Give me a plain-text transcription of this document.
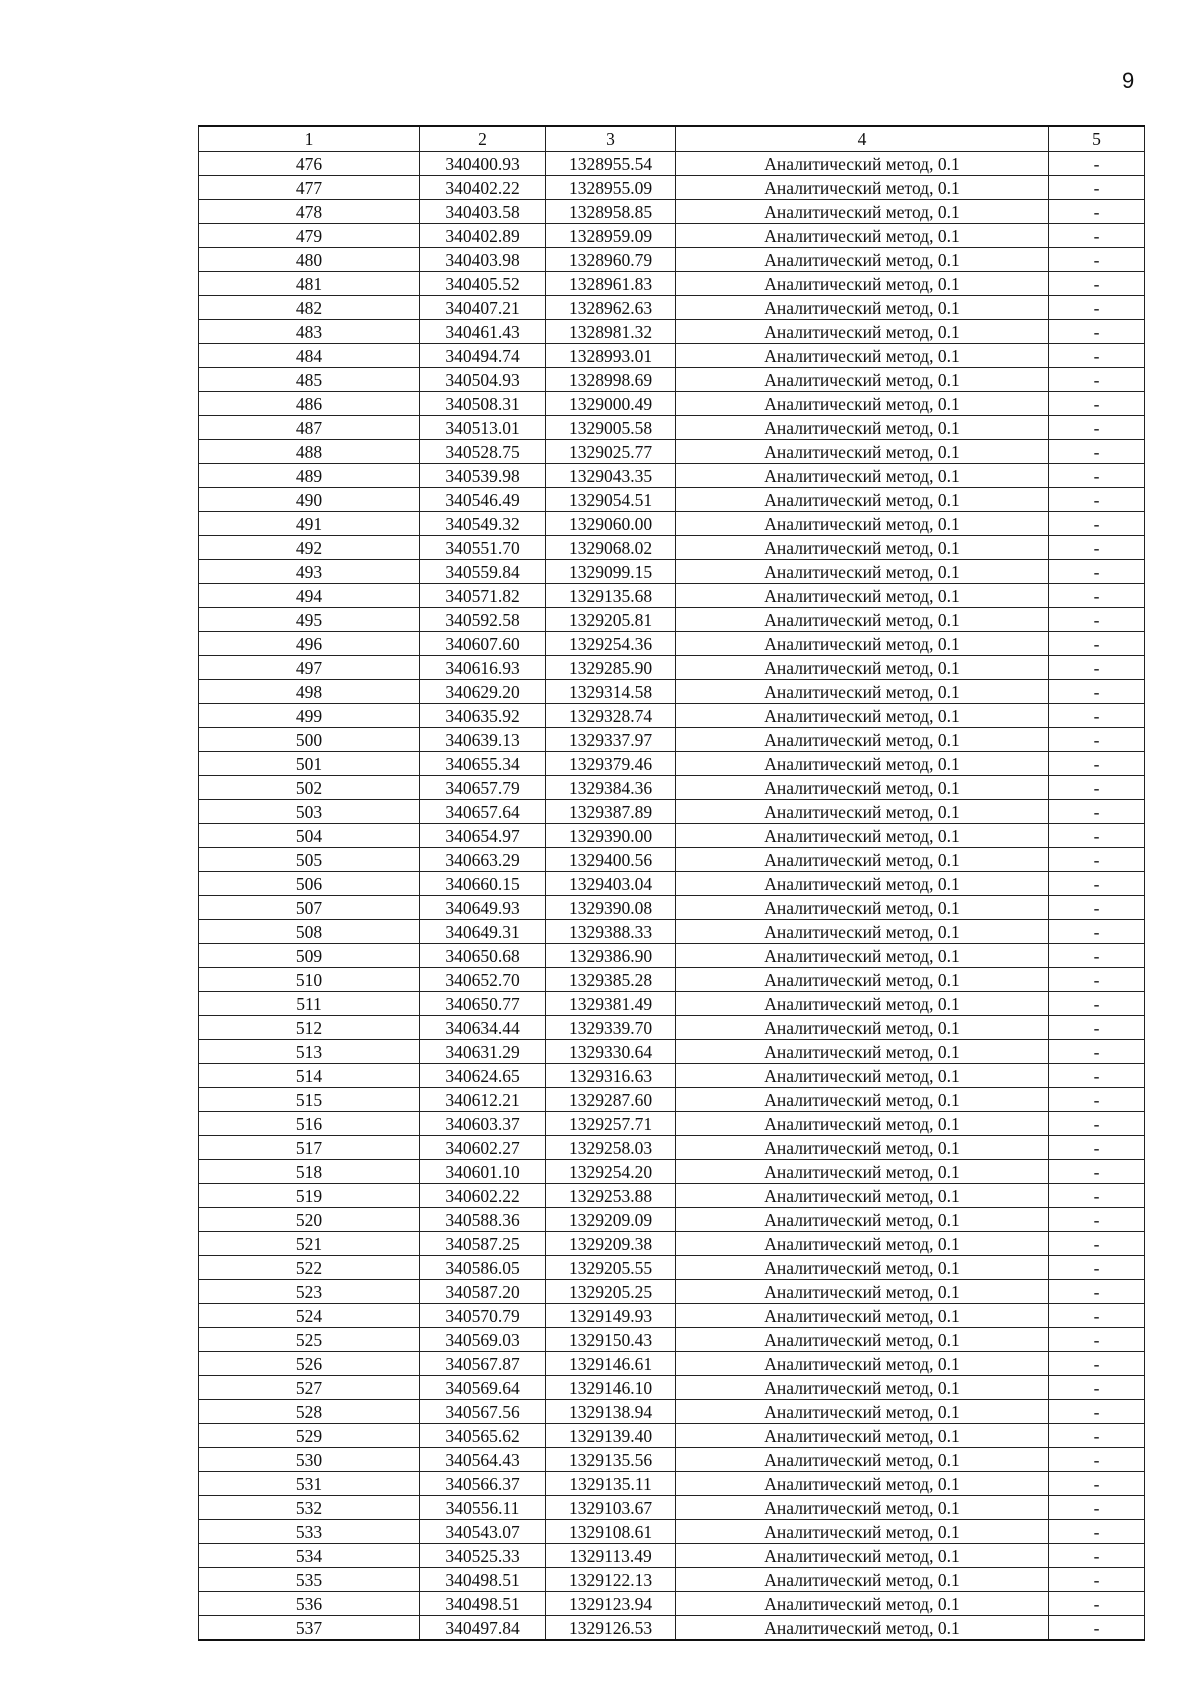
9
1	2	3	4	5
476	340400.93	1328955.54	Аналитический метод, 0.1	-
477	340402.22	1328955.09	Аналитический метод, 0.1	-
478	340403.58	1328958.85	Аналитический метод, 0.1	-
479	340402.89	1328959.09	Аналитический метод, 0.1	-
480	340403.98	1328960.79	Аналитический метод, 0.1	-
481	340405.52	1328961.83	Аналитический метод, 0.1	-
482	340407.21	1328962.63	Аналитический метод, 0.1	-
483	340461.43	1328981.32	Аналитический метод, 0.1	-
484	340494.74	1328993.01	Аналитический метод, 0.1	-
485	340504.93	1328998.69	Аналитический метод, 0.1	-
486	340508.31	1329000.49	Аналитический метод, 0.1	-
487	340513.01	1329005.58	Аналитический метод, 0.1	-
488	340528.75	1329025.77	Аналитический метод, 0.1	-
489	340539.98	1329043.35	Аналитический метод, 0.1	-
490	340546.49	1329054.51	Аналитический метод, 0.1	-
491	340549.32	1329060.00	Аналитический метод, 0.1	-
492	340551.70	1329068.02	Аналитический метод, 0.1	-
493	340559.84	1329099.15	Аналитический метод, 0.1	-
494	340571.82	1329135.68	Аналитический метод, 0.1	-
495	340592.58	1329205.81	Аналитический метод, 0.1	-
496	340607.60	1329254.36	Аналитический метод, 0.1	-
497	340616.93	1329285.90	Аналитический метод, 0.1	-
498	340629.20	1329314.58	Аналитический метод, 0.1	-
499	340635.92	1329328.74	Аналитический метод, 0.1	-
500	340639.13	1329337.97	Аналитический метод, 0.1	-
501	340655.34	1329379.46	Аналитический метод, 0.1	-
502	340657.79	1329384.36	Аналитический метод, 0.1	-
503	340657.64	1329387.89	Аналитический метод, 0.1	-
504	340654.97	1329390.00	Аналитический метод, 0.1	-
505	340663.29	1329400.56	Аналитический метод, 0.1	-
506	340660.15	1329403.04	Аналитический метод, 0.1	-
507	340649.93	1329390.08	Аналитический метод, 0.1	-
508	340649.31	1329388.33	Аналитический метод, 0.1	-
509	340650.68	1329386.90	Аналитический метод, 0.1	-
510	340652.70	1329385.28	Аналитический метод, 0.1	-
511	340650.77	1329381.49	Аналитический метод, 0.1	-
512	340634.44	1329339.70	Аналитический метод, 0.1	-
513	340631.29	1329330.64	Аналитический метод, 0.1	-
514	340624.65	1329316.63	Аналитический метод, 0.1	-
515	340612.21	1329287.60	Аналитический метод, 0.1	-
516	340603.37	1329257.71	Аналитический метод, 0.1	-
517	340602.27	1329258.03	Аналитический метод, 0.1	-
518	340601.10	1329254.20	Аналитический метод, 0.1	-
519	340602.22	1329253.88	Аналитический метод, 0.1	-
520	340588.36	1329209.09	Аналитический метод, 0.1	-
521	340587.25	1329209.38	Аналитический метод, 0.1	-
522	340586.05	1329205.55	Аналитический метод, 0.1	-
523	340587.20	1329205.25	Аналитический метод, 0.1	-
524	340570.79	1329149.93	Аналитический метод, 0.1	-
525	340569.03	1329150.43	Аналитический метод, 0.1	-
526	340567.87	1329146.61	Аналитический метод, 0.1	-
527	340569.64	1329146.10	Аналитический метод, 0.1	-
528	340567.56	1329138.94	Аналитический метод, 0.1	-
529	340565.62	1329139.40	Аналитический метод, 0.1	-
530	340564.43	1329135.56	Аналитический метод, 0.1	-
531	340566.37	1329135.11	Аналитический метод, 0.1	-
532	340556.11	1329103.67	Аналитический метод, 0.1	-
533	340543.07	1329108.61	Аналитический метод, 0.1	-
534	340525.33	1329113.49	Аналитический метод, 0.1	-
535	340498.51	1329122.13	Аналитический метод, 0.1	-
536	340498.51	1329123.94	Аналитический метод, 0.1	-
537	340497.84	1329126.53	Аналитический метод, 0.1	-
